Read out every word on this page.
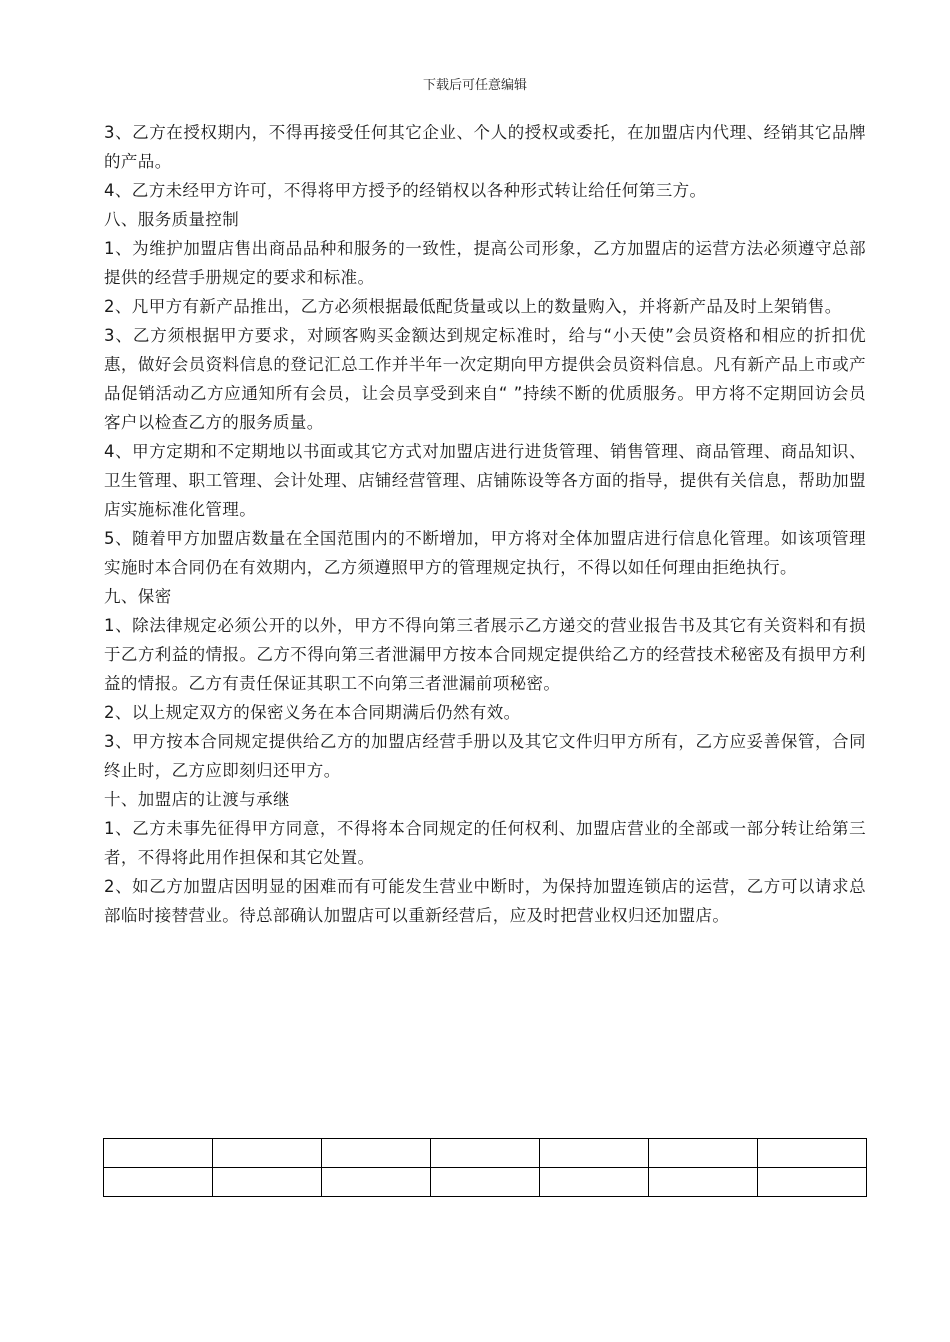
下载后可任意编辑

3、乙方在授权期内，不得再接受任何其它企业、个人的授权或委托，在加盟店内代理、经销其它品牌的产品。

4、乙方未经甲方许可，不得将甲方授予的经销权以各种形式转让给任何第三方。

八、服务质量控制

1、为维护加盟店售出商品品种和服务的一致性，提高公司形象，乙方加盟店的运营方法必须遵守总部提供的经营手册规定的要求和标准。

2、凡甲方有新产品推出，乙方必须根据最低配货量或以上的数量购入，并将新产品及时上架销售。

3、乙方须根据甲方要求，对顾客购买金额达到规定标准时，给与“小天使”会员资格和相应的折扣优惠，做好会员资料信息的登记汇总工作并半年一次定期向甲方提供会员资料信息。凡有新产品上市或产品促销活动乙方应通知所有会员，让会员享受到来自“ ”持续不断的优质服务。甲方将不定期回访会员客户以检查乙方的服务质量。

4、甲方定期和不定期地以书面或其它方式对加盟店进行进货管理、销售管理、商品管理、商品知识、卫生管理、职工管理、会计处理、店铺经营管理、店铺陈设等各方面的指导，提供有关信息，帮助加盟店实施标准化管理。

5、随着甲方加盟店数量在全国范围内的不断增加，甲方将对全体加盟店进行信息化管理。如该项管理实施时本合同仍在有效期内，乙方须遵照甲方的管理规定执行，不得以如任何理由拒绝执行。

九、保密

1、除法律规定必须公开的以外，甲方不得向第三者展示乙方递交的营业报告书及其它有关资料和有损于乙方利益的情报。乙方不得向第三者泄漏甲方按本合同规定提供给乙方的经营技术秘密及有损甲方利益的情报。乙方有责任保证其职工不向第三者泄漏前项秘密。

2、以上规定双方的保密义务在本合同期满后仍然有效。

3、甲方按本合同规定提供给乙方的加盟店经营手册以及其它文件归甲方所有，乙方应妥善保管，合同终止时，乙方应即刻归还甲方。

十、加盟店的让渡与承继

1、乙方未事先征得甲方同意，不得将本合同规定的任何权利、加盟店营业的全部或一部分转让给第三者，不得将此用作担保和其它处置。

2、如乙方加盟店因明显的困难而有可能发生营业中断时，为保持加盟连锁店的运营，乙方可以请求总部临时接替营业。待总部确认加盟店可以重新经营后，应及时把营业权归还加盟店。
